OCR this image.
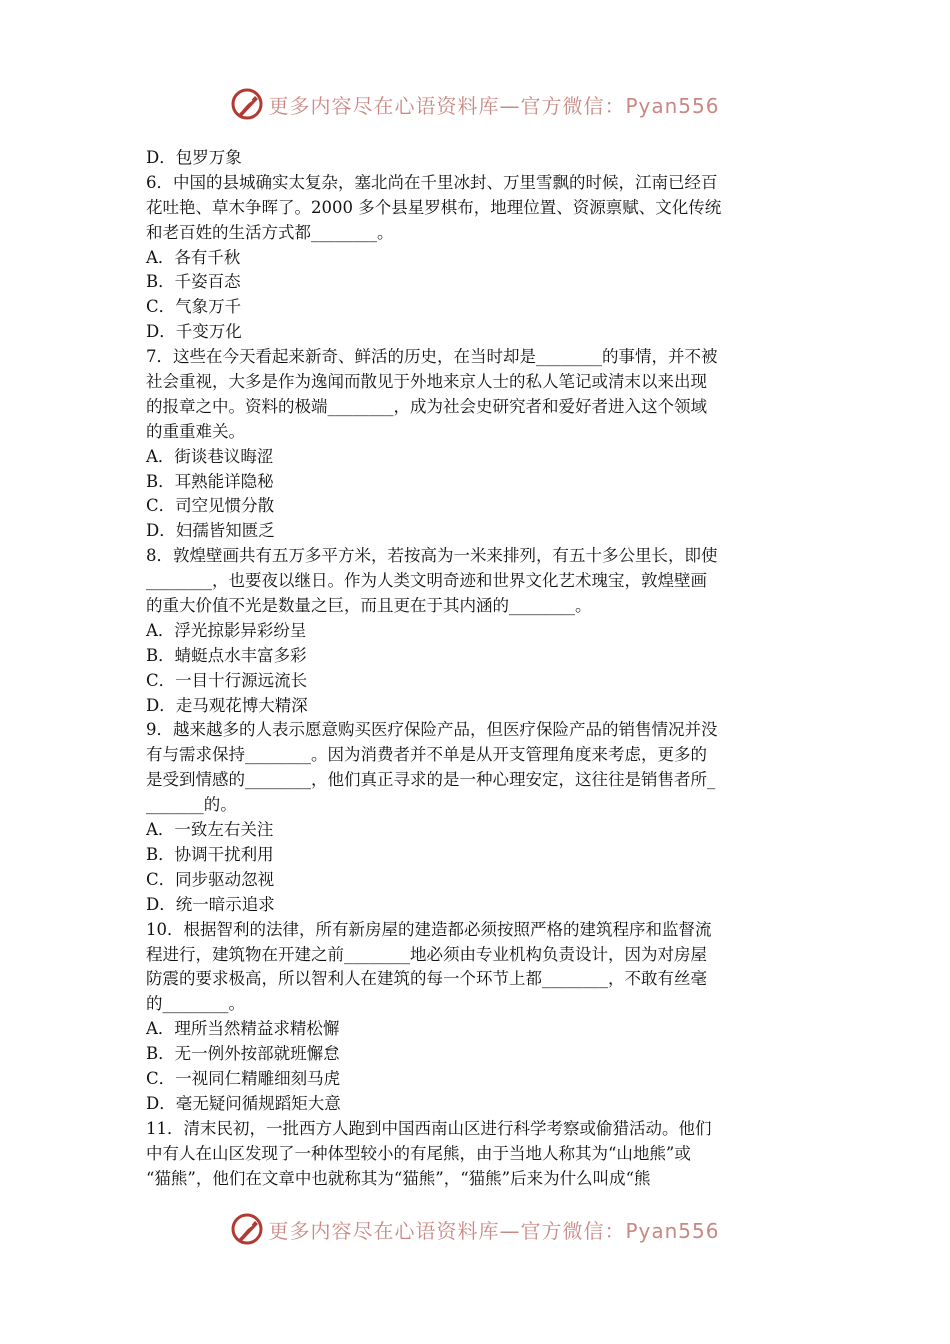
更多内容尽在心语资料库—官方微信：Pyan556
D．包罗万象
6．中国的县城确实太复杂，塞北尚在千里冰封、万里雪飘的时候，江南已经百
花吐艳、草木争晖了。2000 多个县星罗棋布，地理位置、资源禀赋、文化传统
和老百姓的生活方式都________。
A．各有千秋
B．千姿百态
C．气象万千
D．千变万化
7．这些在今天看起来新奇、鲜活的历史，在当时却是________的事情，并不被
社会重视，大多是作为逸闻而散见于外地来京人士的私人笔记或清末以来出现
的报章之中。资料的极端________，成为社会史研究者和爱好者进入这个领域
的重重难关。
A．街谈巷议晦涩
B．耳熟能详隐秘
C．司空见惯分散
D．妇孺皆知匮乏
8．敦煌壁画共有五万多平方米，若按高为一米来排列，有五十多公里长，即使
________，也要夜以继日。作为人类文明奇迹和世界文化艺术瑰宝，敦煌壁画
的重大价值不光是数量之巨，而且更在于其内涵的________。
A．浮光掠影异彩纷呈
B．蜻蜓点水丰富多彩
C．一目十行源远流长
D．走马观花博大精深
9．越来越多的人表示愿意购买医疗保险产品，但医疗保险产品的销售情况并没
有与需求保持________。因为消费者并不单是从开支管理角度来考虑，更多的
是受到情感的________，他们真正寻求的是一种心理安定，这往往是销售者所_
_______的。
A．一致左右关注
B．协调干扰利用
C．同步驱动忽视
D．统一暗示追求
10．根据智利的法律，所有新房屋的建造都必须按照严格的建筑程序和监督流
程进行，建筑物在开建之前________地必须由专业机构负责设计，因为对房屋
防震的要求极高，所以智利人在建筑的每一个环节上都________，不敢有丝毫
的________。
A．理所当然精益求精松懈
B．无一例外按部就班懈怠
C．一视同仁精雕细刻马虎
D．毫无疑问循规蹈矩大意
11．清末民初，一批西方人跑到中国西南山区进行科学考察或偷猎活动。他们
中有人在山区发现了一种体型较小的有尾熊，由于当地人称其为“山地熊”或
“猫熊”，他们在文章中也就称其为“猫熊”，“猫熊”后来为什么叫成“熊
更多内容尽在心语资料库—官方微信：Pyan556
